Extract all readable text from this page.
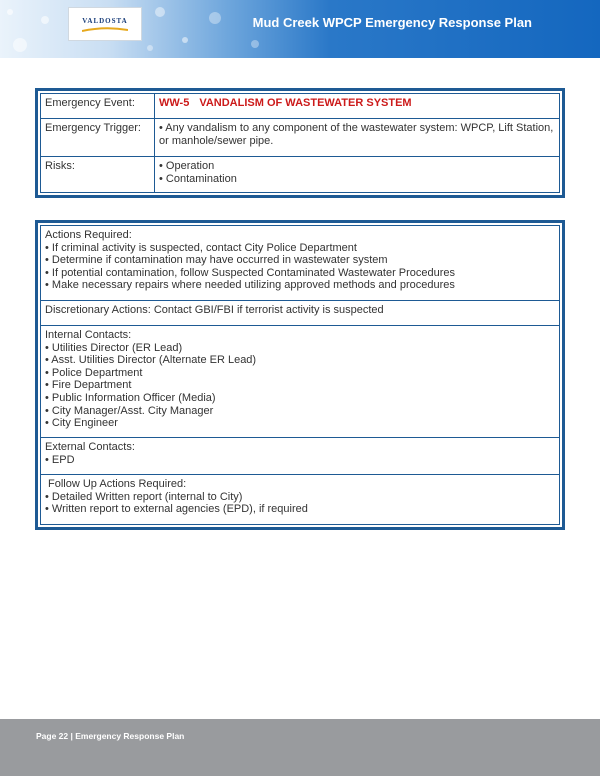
VALDOSTA	Mud Creek WPCP Emergency Response Plan
Emergency Event:	WW-5 VANDALISM OF WASTEWATER SYSTEM
Emergency Trigger:	• Any vandalism to any component of the wastewater system: WPCP, Lift Station, or manhole/sewer pipe.
Risks:	• Operation
• Contamination
Actions Required:
• If criminal activity is suspected, contact City Police Department
• Determine if contamination may have occurred in wastewater system
• If potential contamination, follow Suspected Contaminated Wastewater Procedures
• Make necessary repairs where needed utilizing approved methods and procedures

Discretionary Actions: Contact GBI/FBI if terrorist activity is suspected

Internal Contacts:
• Utilities Director (ER Lead)
• Asst. Utilities Director (Alternate ER Lead)
• Police Department
• Fire Department
• Public Information Officer (Media)
• City Manager/Asst. City Manager
• City Engineer

External Contacts:
• EPD

Follow Up Actions Required:
• Detailed Written report (internal to City)
• Written report to external agencies (EPD), if required
Page 22 | Emergency Response Plan
